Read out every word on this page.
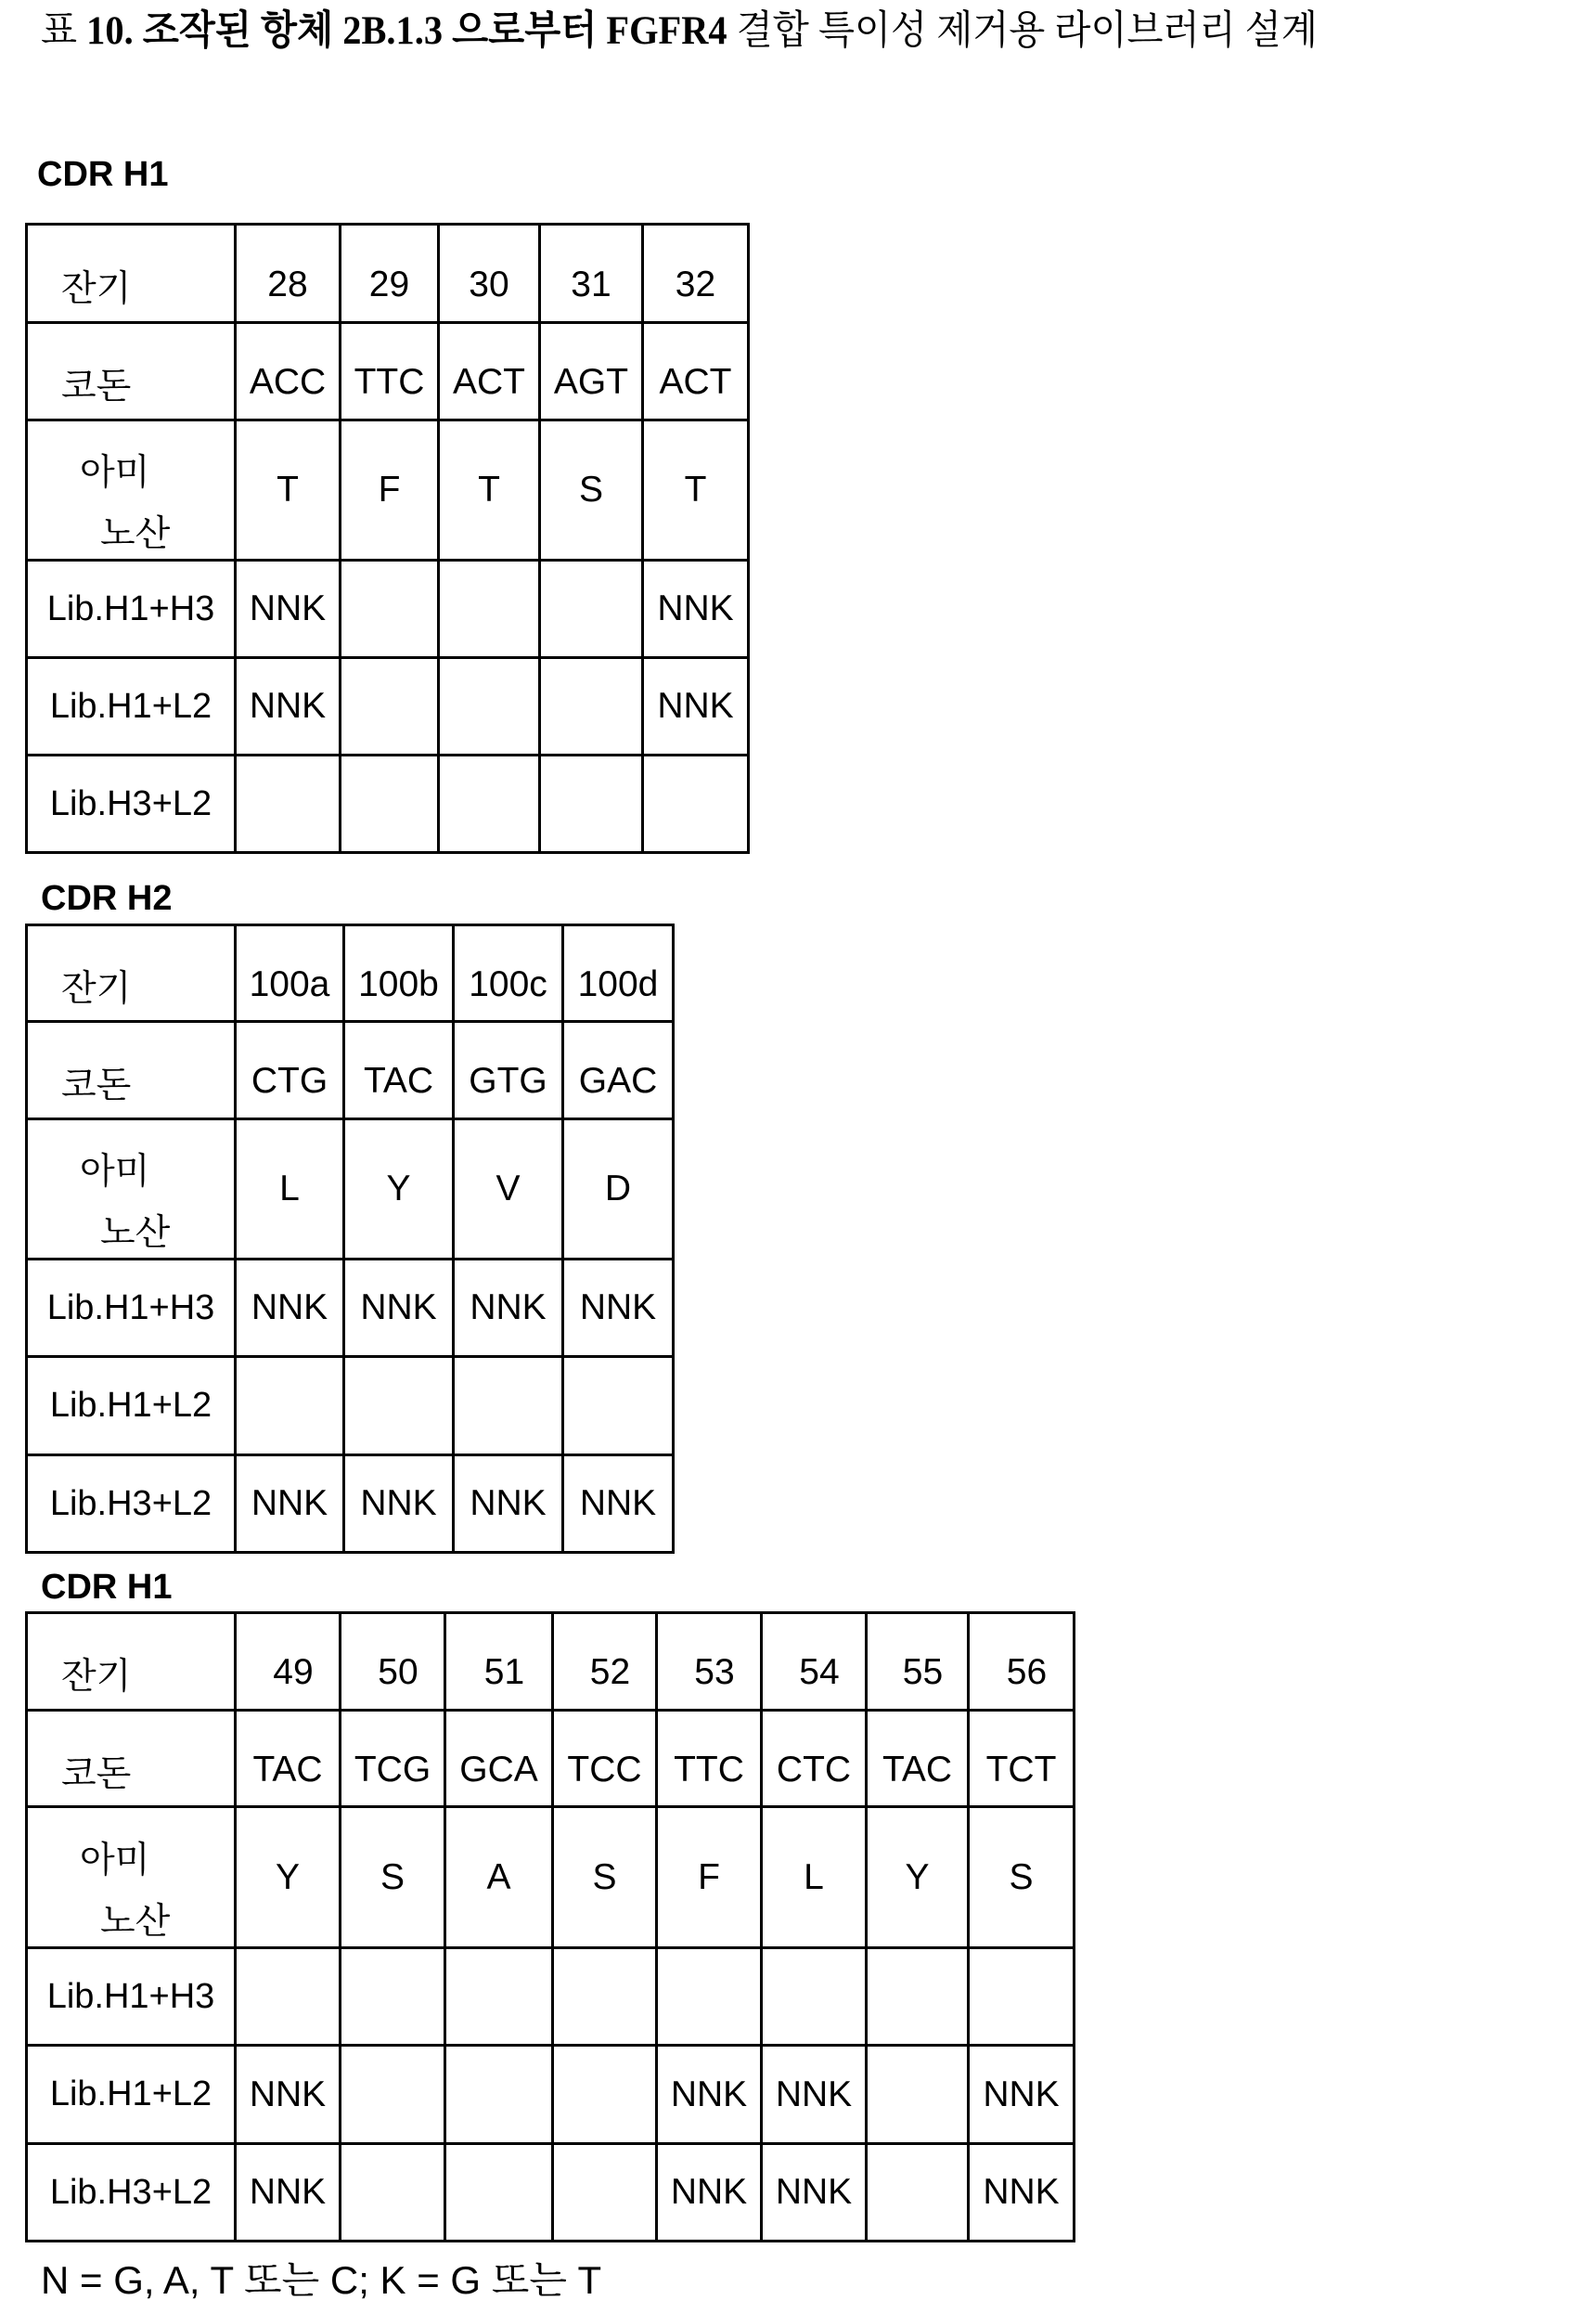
표 10. 조작된 항체 2B.1.3 으로부터 FGFR4 결합 특이성 제거용 라이브러리 설계
CDR H1
잔기	28	29	30	31	32

코돈	ACC	TTC	ACT	AGT	ACT

아미
노산	T	F	T	S	T
Lib.H1+H3	NNK				NNK
Lib.H1+L2	NNK				NNK
Lib.H3+L2					
CDR H2
잔기	100a	100b	100c	100d

코돈	CTG	TAC	GTG	GAC

아미
노산	L	Y	V	D
Lib.H1+H3	NNK	NNK	NNK	NNK
Lib.H1+L2				
Lib.H3+L2	NNK	NNK	NNK	NNK
CDR H1
잔기	49	50	51	52	53	54	55	56

코돈	TAC	TCG	GCA	TCC	TTC	CTC	TAC	TCT

아미
노산	Y	S	A	S	F	L	Y	S
Lib.H1+H3								
Lib.H1+L2	NNK				NNK	NNK		NNK
Lib.H3+L2	NNK				NNK	NNK		NNK
N = G, A, T 또는 C; K = G 또는 T
